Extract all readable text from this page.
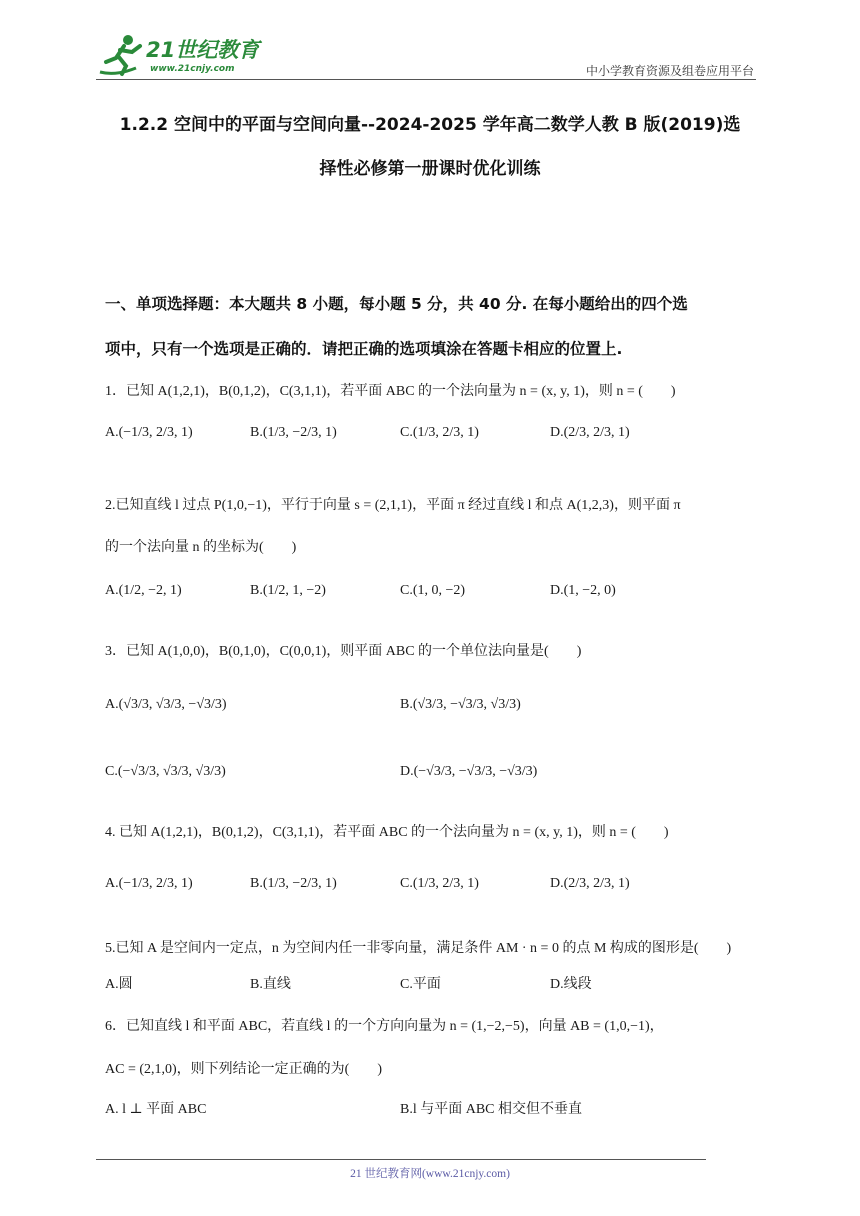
21世纪教育
www.21cnjy.com	中小学教育资源及组卷应用平台
1.2.2 空间中的平面与空间向量--2024-2025 学年高二数学人教 B 版(2019)选
择性必修第一册课时优化训练
一、单项选择题：本大题共 8 小题，每小题 5 分，共 40 分. 在每小题给出的四个选
项中，只有一个选项是正确的．请把正确的选项填涂在答题卡相应的位置上.
1．已知 A(1,2,1)，B(0,1,2)，C(3,1,1)，若平面 ABC 的一个法向量为 n = (x, y, 1)，则 n = (　　)
A.(−1/3, 2/3, 1)	B.(1/3, −2/3, 1)	C.(1/3, 2/3, 1)	D.(2/3, 2/3, 1)
2.已知直线 l 过点 P(1,0,−1)，平行于向量 s = (2,1,1)，平面 π 经过直线 l 和点 A(1,2,3)，则平面 π
的一个法向量 n 的坐标为(　　)
A.(1/2, −2, 1)	B.(1/2, 1, −2)	C.(1, 0, −2)	D.(1, −2, 0)
3．已知 A(1,0,0)，B(0,1,0)，C(0,0,1)，则平面 ABC 的一个单位法向量是(　　)
A.(√3/3, √3/3, −√3/3)	B.(√3/3, −√3/3, √3/3)
C.(−√3/3, √3/3, √3/3)	D.(−√3/3, −√3/3, −√3/3)
4. 已知 A(1,2,1)，B(0,1,2)，C(3,1,1)，若平面 ABC 的一个法向量为 n = (x, y, 1)，则 n = (　　)
A.(−1/3, 2/3, 1)	B.(1/3, −2/3, 1)	C.(1/3, 2/3, 1)	D.(2/3, 2/3, 1)
5.已知 A 是空间内一定点，n 为空间内任一非零向量，满足条件 AM · n = 0 的点 M 构成的图形是(　　)
A.圆	B.直线	C.平面	D.线段
6．已知直线 l 和平面 ABC，若直线 l 的一个方向向量为 n = (1,−2,−5)，向量 AB = (1,0,−1)，
AC = (2,1,0)，则下列结论一定正确的为(　　)
A. l ⊥ 平面 ABC	B.l 与平面 ABC 相交但不垂直
21 世纪教育网(www.21cnjy.com)
